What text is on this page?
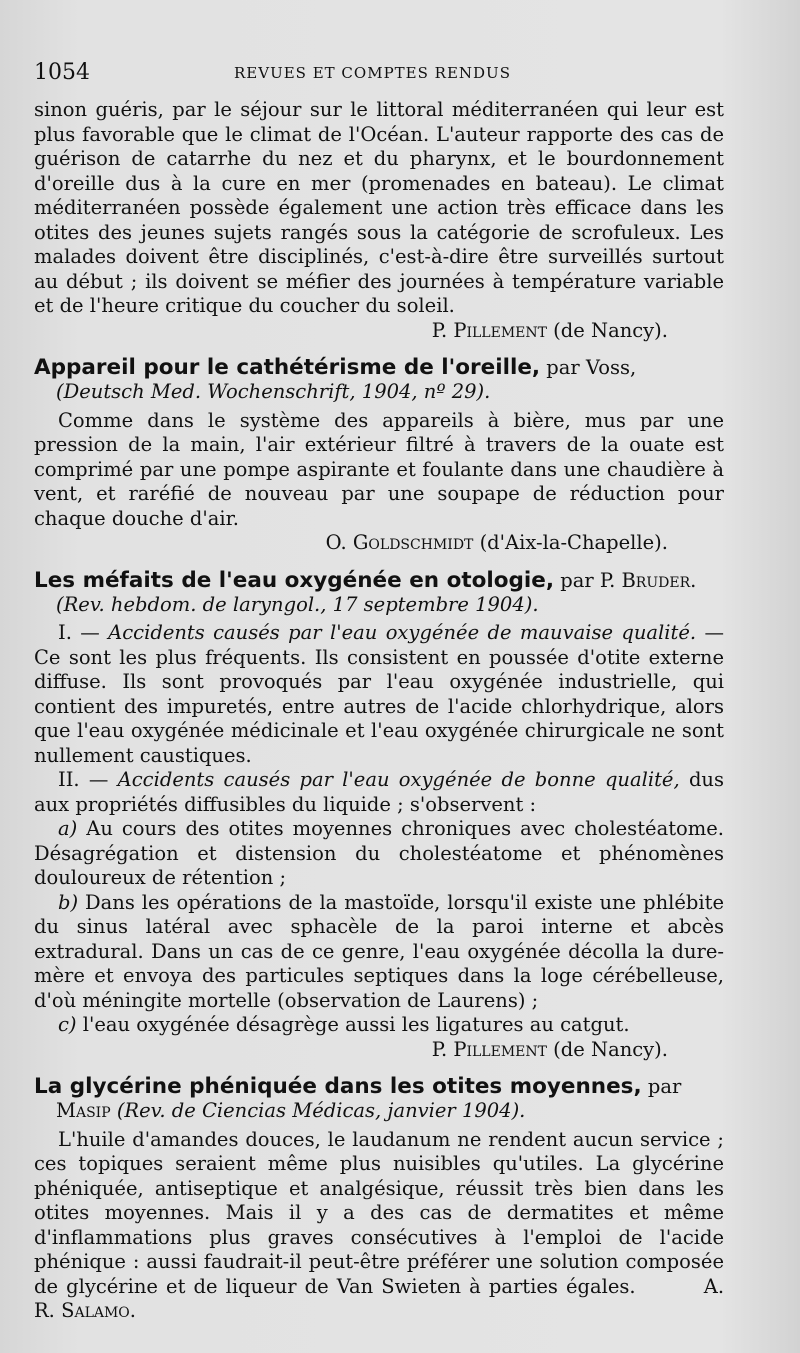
1054	REVUES ET COMPTES RENDUS

sinon guéris, par le séjour sur le littoral méditerranéen qui leur est plus favorable que le climat de l'Océan. L'auteur rapporte des cas de guérison de catarrhe du nez et du pharynx, et le bourdonnement d'oreille dus à la cure en mer (promenades en bateau). Le climat méditerranéen possède également une action très efficace dans les otites des jeunes sujets rangés sous la catégorie de scrofuleux. Les malades doivent être disciplinés, c'est-à-dire être surveillés surtout au début ; ils doivent se méfier des journées à température variable et de l'heure critique du coucher du soleil.

P. Pillement (de Nancy).

Appareil pour le cathétérisme de l'oreille, par Voss,

(Deutsch Med. Wochenschrift, 1904, nº 29).

Comme dans le système des appareils à bière, mus par une pression de la main, l'air extérieur filtré à travers de la ouate est comprimé par une pompe aspirante et foulante dans une chaudière à vent, et raréfié de nouveau par une soupape de réduction pour chaque douche d'air.

O. Goldschmidt (d'Aix-la-Chapelle).

Les méfaits de l'eau oxygénée en otologie, par P. Bruder.

(Rev. hebdom. de laryngol., 17 septembre 1904).

I. — Accidents causés par l'eau oxygénée de mauvaise qualité. — Ce sont les plus fréquents. Ils consistent en poussée d'otite externe diffuse. Ils sont provoqués par l'eau oxygénée industrielle, qui contient des impuretés, entre autres de l'acide chlorhydrique, alors que l'eau oxygénée médicinale et l'eau oxygénée chirurgicale ne sont nullement caustiques.

II. — Accidents causés par l'eau oxygénée de bonne qualité, dus aux propriétés diffusibles du liquide ; s'observent :

a) Au cours des otites moyennes chroniques avec cholestéatome. Désagrégation et distension du cholestéatome et phénomènes douloureux de rétention ;

b) Dans les opérations de la mastoïde, lorsqu'il existe une phlébite du sinus latéral avec sphacèle de la paroi interne et abcès extradural. Dans un cas de ce genre, l'eau oxygénée décolla la dure-mère et envoya des particules septiques dans la loge cérébelleuse, d'où méningite mortelle (observation de Laurens) ;

c) l'eau oxygénée désagrège aussi les ligatures au catgut.

P. Pillement (de Nancy).

La glycérine phéniquée dans les otites moyennes, par

Masip (Rev. de Ciencias Médicas, janvier 1904).

L'huile d'amandes douces, le laudanum ne rendent aucun service ; ces topiques seraient même plus nuisibles qu'utiles. La glycérine phéniquée, antiseptique et analgésique, réussit très bien dans les otites moyennes. Mais il y a des cas de dermatites et même d'inflammations plus graves consécutives à l'emploi de l'acide phénique : aussi faudrait-il peut-être préférer une solution composée de glycérine et de liqueur de Van Swieten à parties égales.	A. R. Salamo.
